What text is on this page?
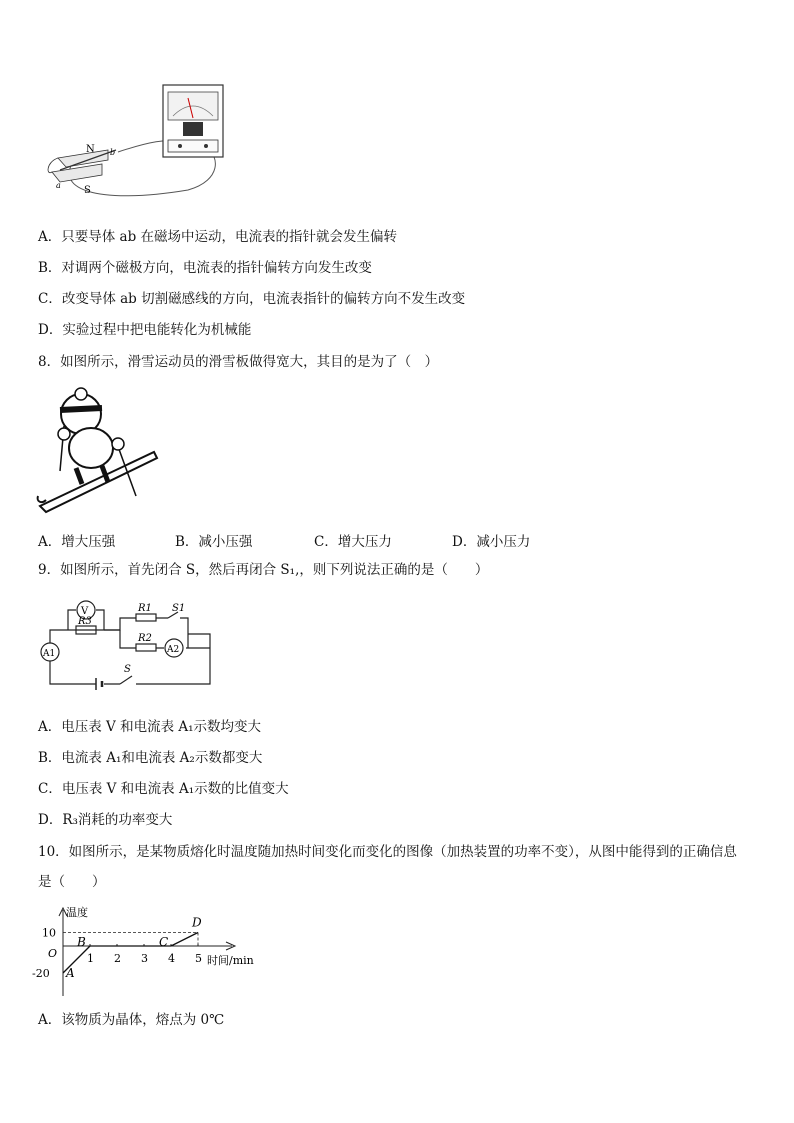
N
S
a
b
A．只要导体 ab 在磁场中运动，电流表的指针就会发生偏转
B．对调两个磁极方向，电流表的指针偏转方向发生改变
C．改变导体 ab 切割磁感线的方向，电流表指针的偏转方向不发生改变
D．实验过程中把电能转化为机械能
8．如图所示，滑雪运动员的滑雪板做得宽大，其目的是为了（　）
A．增大压强	B．减小压强	C．增大压力	D．减小压力
9．如图所示，首先闭合 S，然后再闭合 S₁,，则下列说法正确的是（　　）
V
R3
R1 S1
R2
A2
A1
S
A．电压表 V 和电流表 A₁示数均变大
B．电流表 A₁和电流表 A₂示数都变大
C．电压表 V 和电流表 A₁示数的比值变大
D．R₃消耗的功率变大
10．如图所示，是某物质熔化时温度随加热时间变化而变化的图像（加热装置的功率不变），从图中能得到的正确信息
是（　　）
温度
时间/min
O	1 2 3 4 5
10
-20 A
B	C
D
A．该物质为晶体，熔点为 0℃
